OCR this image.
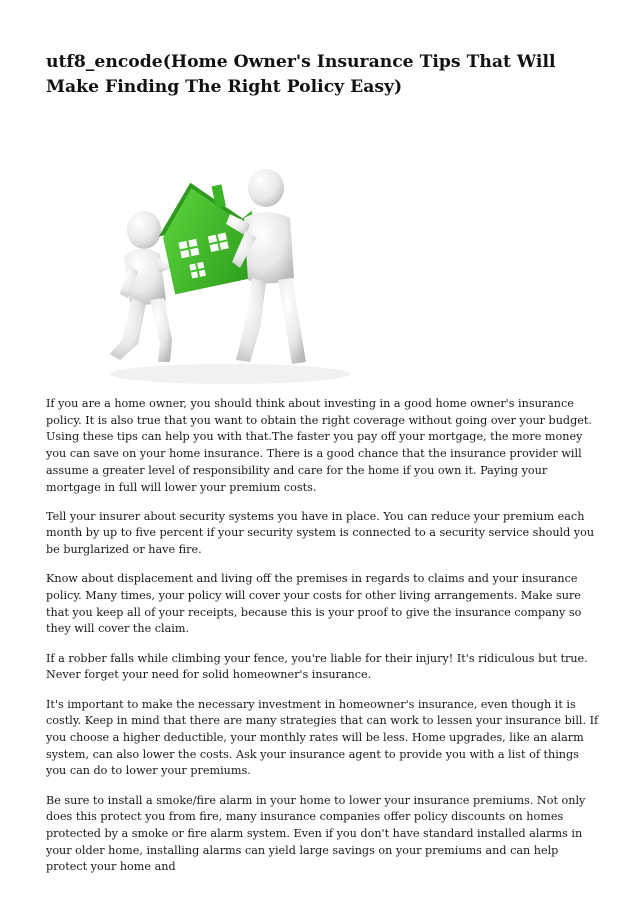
utf8_encode(Home Owner's Insurance Tips That Will Make Finding The Right Policy Easy)

If you are a home owner, you should think about investing in a good home owner's insurance policy. It is also true that you want to obtain the right coverage without going over your budget. Using these tips can help you with that.The faster you pay off your mortgage, the more money you can save on your home insurance. There is a good chance that the insurance provider will assume a greater level of responsibility and care for the home if you own it. Paying your mortgage in full will lower your premium costs.

Tell your insurer about security systems you have in place. You can reduce your premium each month by up to five percent if your security system is connected to a security service should you be burglarized or have fire.

Know about displacement and living off the premises in regards to claims and your insurance policy. Many times, your policy will cover your costs for other living arrangements. Make sure that you keep all of your receipts, because this is your proof to give the insurance company so they will cover the claim.

If a robber falls while climbing your fence, you're liable for their injury! It's ridiculous but true. Never forget your need for solid homeowner's insurance.

It's important to make the necessary investment in homeowner's insurance, even though it is costly. Keep in mind that there are many strategies that can work to lessen your insurance bill. If you choose a higher deductible, your monthly rates will be less. Home upgrades, like an alarm system, can also lower the costs. Ask your insurance agent to provide you with a list of things you can do to lower your premiums.

Be sure to install a smoke/fire alarm in your home to lower your insurance premiums. Not only does this protect you from fire, many insurance companies offer policy discounts on homes protected by a smoke or fire alarm system. Even if you don't have standard installed alarms in your older home, installing alarms can yield large savings on your premiums and can help protect your home and
